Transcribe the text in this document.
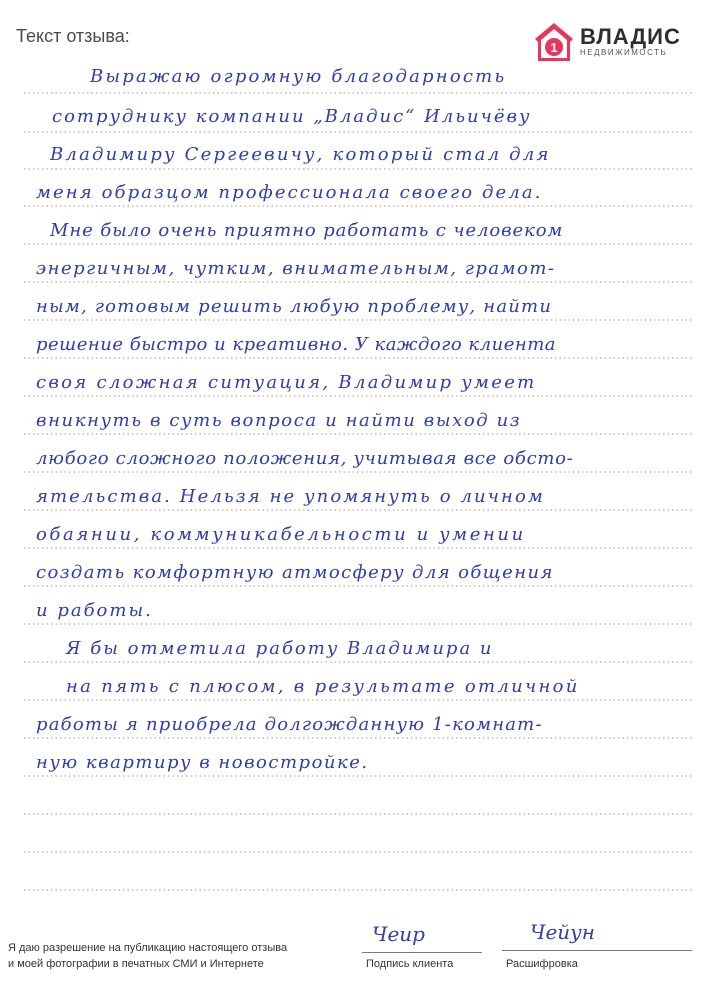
Текст отзыва:
1 ВЛАДИС
НЕДВИЖИМОСТЬ
Выражаю огромную благодарность
сотруднику компании „Владис“ Ильичёву
Владимиру Сергеевичу, который стал для
меня образцом профессионала своего дела.
Мне было очень приятно работать с человеком
энергичным, чутким, внимательным, грамот-
ным, готовым решить любую проблему, найти
решение быстро и креативно. У каждого клиента
своя сложная ситуация, Владимир умеет
вникнуть в суть вопроса и найти выход из
любого сложного положения, учитывая все обсто-
ятельства. Нельзя не упомянуть о личном
обаянии, коммуникабельности и умении
создать комфортную атмосферу для общения
и работы.
Я бы отметила работу Владимира и
на пять с плюсом, в результате отличной
работы я приобрела долгожданную 1-комнат-
ную квартиру в новостройке.
Я даю разрешение на публикацию настоящего отзыва
и моей фотографии в печатных СМИ и Интернете
Чеир
Подпись клиента
Чейун
Расшифровка
